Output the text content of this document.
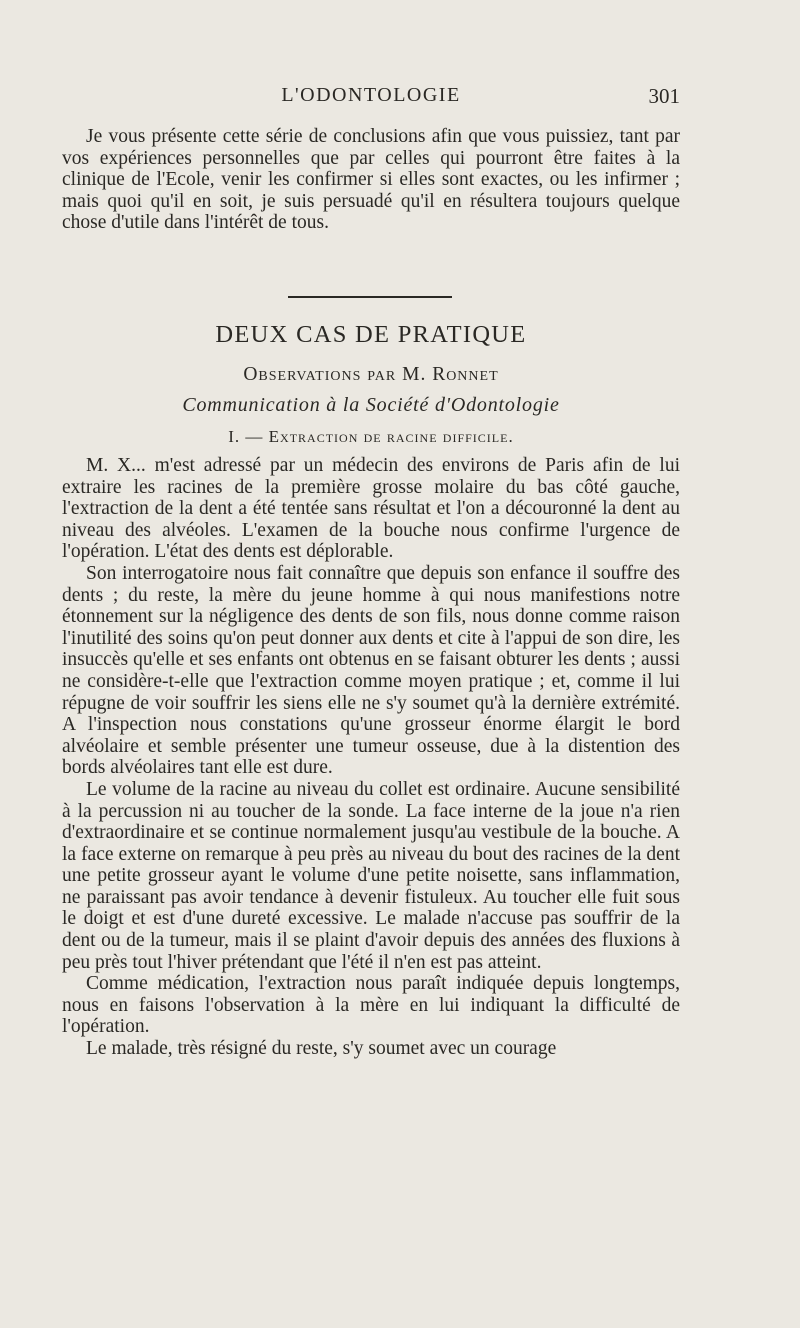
L'ODONTOLOGIE	301

Je vous présente cette série de conclusions afin que vous puissiez, tant par vos expériences personnelles que par celles qui pourront être faites à la clinique de l'Ecole, venir les confirmer si elles sont exactes, ou les infirmer ; mais quoi qu'il en soit, je suis persuadé qu'il en résultera toujours quelque chose d'utile dans l'intérêt de tous.

DEUX CAS DE PRATIQUE
Observations par M. Ronnet
Communication à la Société d'Odontologie
I. — Extraction de racine difficile.

M. X... m'est adressé par un médecin des environs de Paris afin de lui extraire les racines de la première grosse molaire du bas côté gauche, l'extraction de la dent a été tentée sans résultat et l'on a découronné la dent au niveau des alvéoles. L'examen de la bouche nous confirme l'urgence de l'opération. L'état des dents est déplorable.

Son interrogatoire nous fait connaître que depuis son enfance il souffre des dents ; du reste, la mère du jeune homme à qui nous manifestions notre étonnement sur la négligence des dents de son fils, nous donne comme raison l'inutilité des soins qu'on peut donner aux dents et cite à l'appui de son dire, les insuccès qu'elle et ses enfants ont obtenus en se faisant obturer les dents ; aussi ne considère-t-elle que l'extraction comme moyen pratique ; et, comme il lui répugne de voir souffrir les siens elle ne s'y soumet qu'à la dernière extrémité. A l'inspection nous constations qu'une grosseur énorme élargit le bord alvéolaire et semble présenter une tumeur osseuse, due à la distention des bords alvéolaires tant elle est dure.

Le volume de la racine au niveau du collet est ordinaire. Aucune sensibilité à la percussion ni au toucher de la sonde. La face interne de la joue n'a rien d'extraordinaire et se continue normalement jusqu'au vestibule de la bouche. A la face externe on remarque à peu près au niveau du bout des racines de la dent une petite grosseur ayant le volume d'une petite noisette, sans inflammation, ne paraissant pas avoir tendance à devenir fistuleux. Au toucher elle fuit sous le doigt et est d'une dureté excessive. Le malade n'accuse pas souffrir de la dent ou de la tumeur, mais il se plaint d'avoir depuis des années des fluxions à peu près tout l'hiver prétendant que l'été il n'en est pas atteint.

Comme médication, l'extraction nous paraît indiquée depuis longtemps, nous en faisons l'observation à la mère en lui indiquant la difficulté de l'opération.

Le malade, très résigné du reste, s'y soumet avec un courage
